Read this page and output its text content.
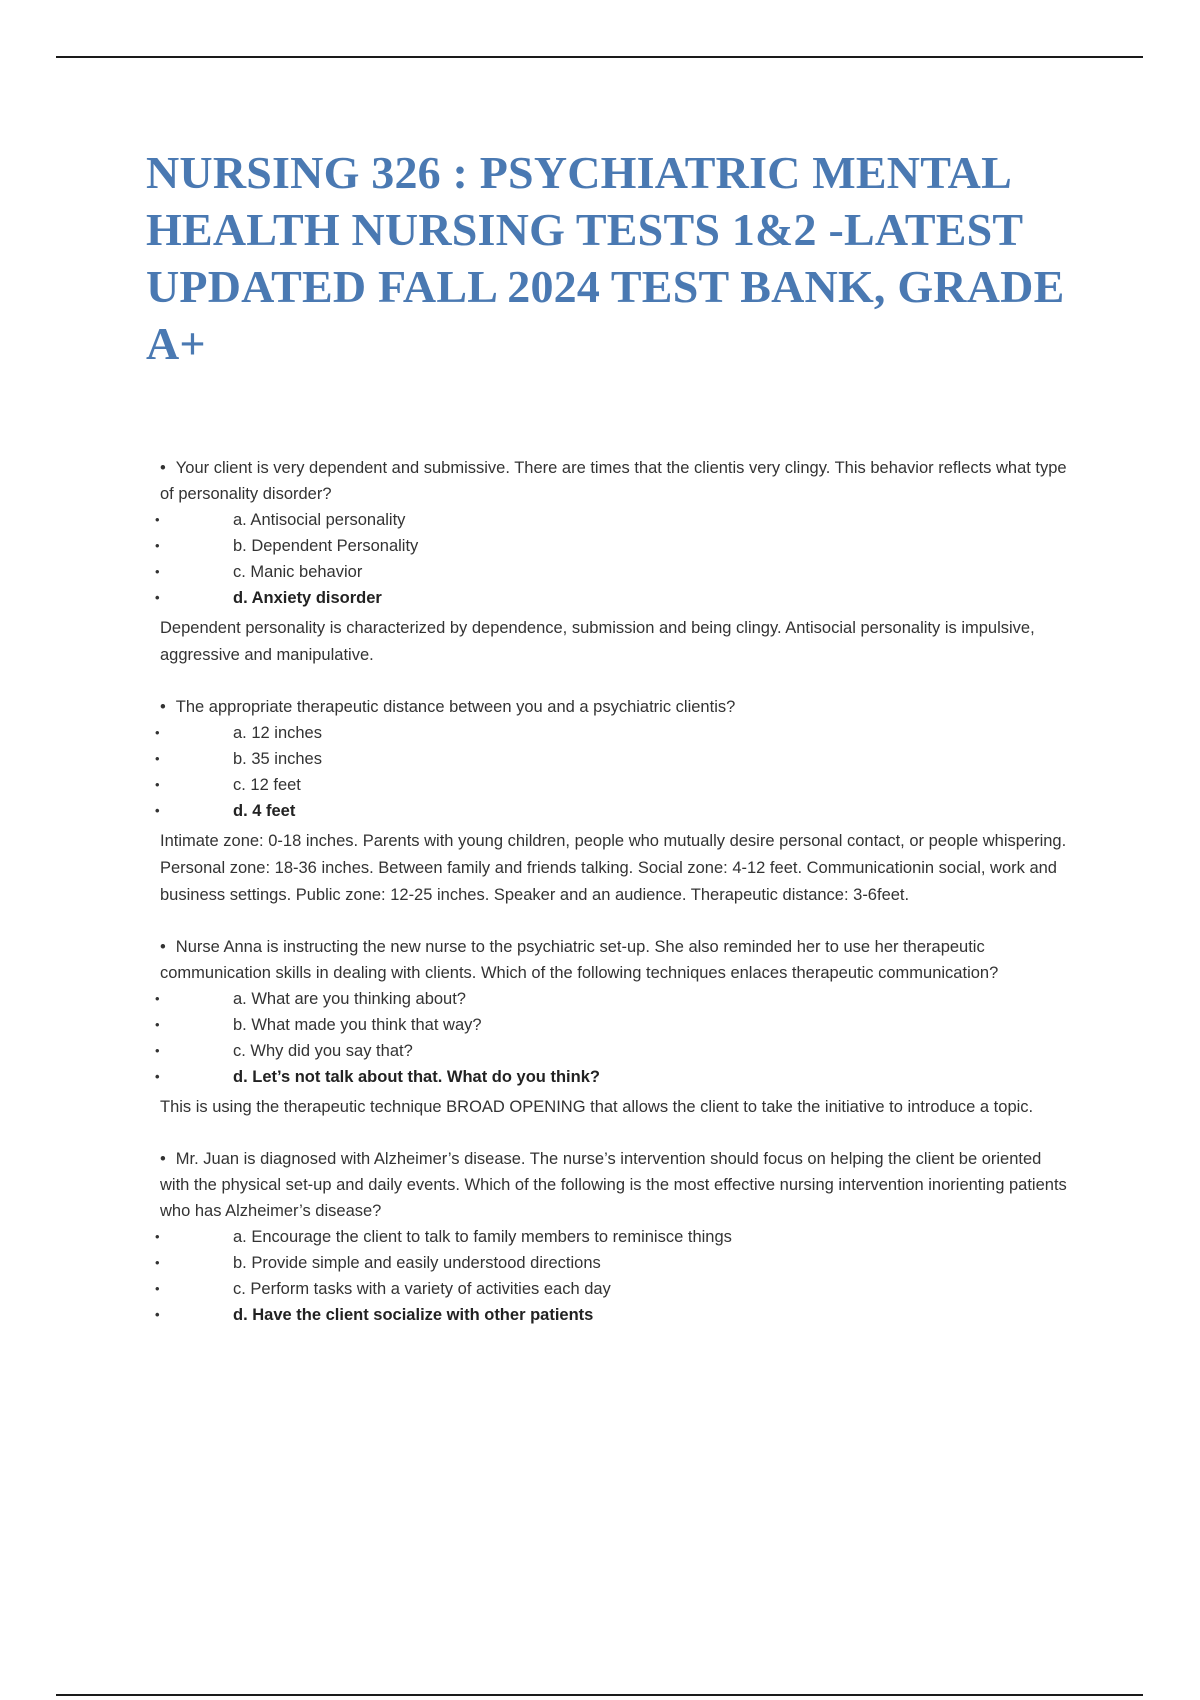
NURSING 326 : PSYCHIATRIC MENTAL HEALTH NURSING TESTS 1&2 -LATEST UPDATED FALL 2024 TEST BANK, GRADE A+

• Your client is very dependent and submissive. There are times that the clientis very clingy. This behavior reflects what type of personality disorder?

•	a. Antisocial personality
•	b. Dependent Personality
•	c. Manic behavior
•	d. Anxiety disorder

Dependent personality is characterized by dependence, submission and being clingy. Antisocial personality is impulsive, aggressive and manipulative.

• The appropriate therapeutic distance between you and a psychiatric clientis?

•	a. 12 inches
•	b. 35 inches
•	c. 12 feet
•	d. 4 feet

Intimate zone: 0-18 inches. Parents with young children, people who mutually desire personal contact, or people whispering. Personal zone: 18-36 inches. Between family and friends talking. Social zone: 4-12 feet. Communicationin social, work and business settings. Public zone: 12-25 inches. Speaker and an audience. Therapeutic distance: 3-6feet.

• Nurse Anna is instructing the new nurse to the psychiatric set-up. She also reminded her to use her therapeutic communication skills in dealing with clients. Which of the following techniques enlaces therapeutic communication?

•	a. What are you thinking about?
•	b. What made you think that way?
•	c. Why did you say that?
•	d. Let’s not talk about that. What do you think?

This is using the therapeutic technique BROAD OPENING that allows the client to take the initiative to introduce a topic.

• Mr. Juan is diagnosed with Alzheimer’s disease. The nurse’s intervention should focus on helping the client be oriented with the physical set-up and daily events. Which of the following is the most effective nursing intervention inorienting patients who has Alzheimer’s disease?

•	a. Encourage the client to talk to family members to reminisce things
•	b. Provide simple and easily understood directions
•	c. Perform tasks with a variety of activities each day
•	d. Have the client socialize with other patients
